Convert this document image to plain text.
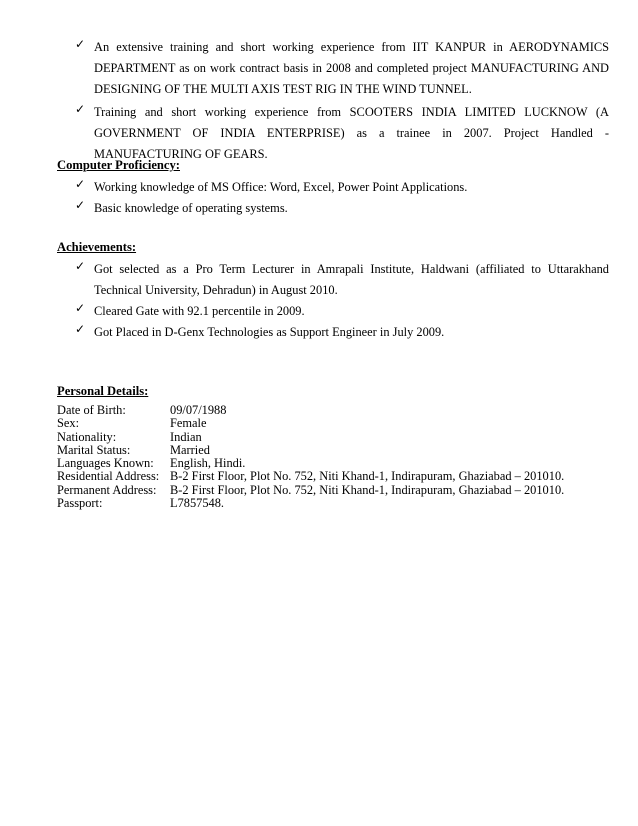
✓ An extensive training and short working experience from IIT KANPUR in AERODYNAMICS DEPARTMENT as on work contract basis in 2008 and completed project MANUFACTURING AND DESIGNING OF THE MULTI AXIS TEST RIG IN THE WIND TUNNEL.
✓ Training and short working experience from SCOOTERS INDIA LIMITED LUCKNOW (A GOVERNMENT OF INDIA ENTERPRISE) as a trainee in 2007. Project Handled - MANUFACTURING OF GEARS.
Computer Proficiency:
✓ Working knowledge of MS Office: Word, Excel, Power Point Applications.
✓ Basic knowledge of operating systems.
Achievements:
✓ Got selected as a Pro Term Lecturer in Amrapali Institute, Haldwani (affiliated to Uttarakhand Technical University, Dehradun) in August 2010.
✓ Cleared Gate with 92.1 percentile in 2009.
✓ Got Placed in D-Genx Technologies as Support Engineer in July 2009.
Personal Details:
Date of Birth:	09/07/1988
Sex:	Female
Nationality:	Indian
Marital Status:	Married
Languages Known:	English, Hindi.
Residential Address: B-2 First Floor, Plot No. 752, Niti Khand-1, Indirapuram, Ghaziabad – 201010.
Permanent Address:	B-2 First Floor, Plot No. 752, Niti Khand-1, Indirapuram, Ghaziabad – 201010.
Passport:	L7857548.
